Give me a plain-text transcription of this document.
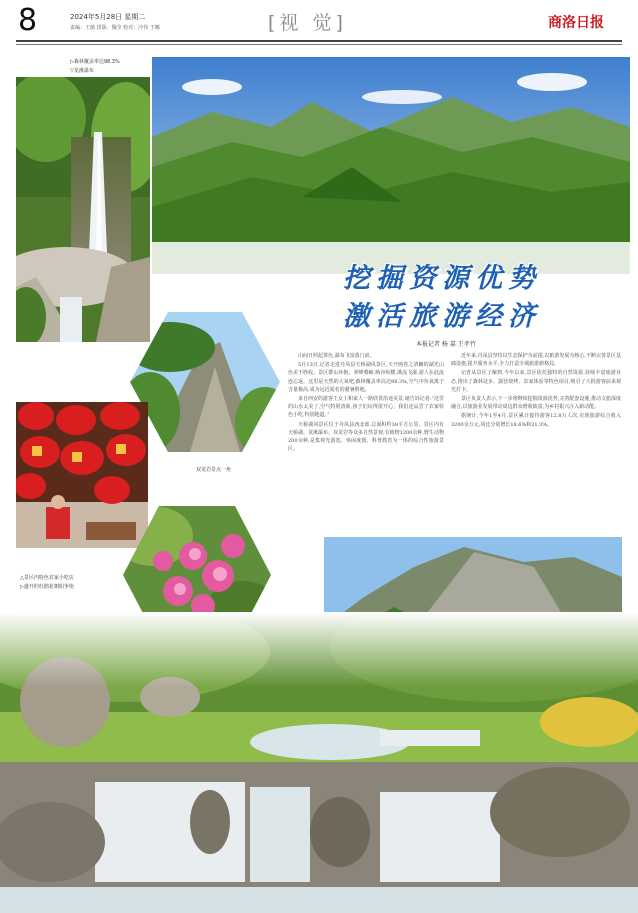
8	2024年5月28日 星期二
责编：王薇 排版：魏莹 校对：冷伟 王娜	[视 觉]	商洛日报
▷森林覆盖率达98.3%
▽龙湫瀑布
挖掘资源优势
激活旅游经济
本报记者 杨 嘉 王孝竹
双龙岩景点一角
△景区内特色农家小吃店
▷盛开的杜鹃花朝阳争艳

山间日照起雾色,瀑布飞泉落门前。

5月13日,记者走进丹凤县天桥湖风景区,天开画卷之清幽的湖光山色美不胜收。景区群山环抱、翠峰叠嶂,峡谷纵横,溪流飞瀑,游人在此流连忘返。这里是天然的大氧吧,森林覆盖率高达98.3%,空气中负氧离子含量极高,成为远近闻名的避暑胜地。

来自西安的游客王女士和家人一路欣赏沿途美景,她告诉记者:“这里的山水太美了,空气特别清新,孩子们玩得很开心。我们还品尝了农家特色小吃,特别地道。”

天桥湖风景区位于丹凤县西北部,总面积约38平方公里。景区内有天桥湖、龙湫瀑布、双龙岩等众多自然景观,有植物1200余种,野生动物200余种,是集观光游览、休闲度假、科普教育为一体的综合性旅游景区。

近年来,丹凤县坚持以生态保护为前提,以旅游发展为核心,不断完善景区基础设施,提升服务水平,全力打造全域旅游新格局。

记者从景区了解到,今年以来,景区依托独特的自然资源,持续丰富旅游业态,推出了森林徒步、露营烧烤、农家体验等特色项目,吸引了大批游客前来观光打卡。

景区负责人表示,下一步将继续挖掘资源优势,完善配套设施,推动文旅深度融合,以旅游业发展带动周边群众增收致富,为乡村振兴注入新动能。

据统计,今年1至4月,景区累计接待游客12.8万人次,实现旅游综合收入3200余万元,同比分别增长18.6%和21.3%。
